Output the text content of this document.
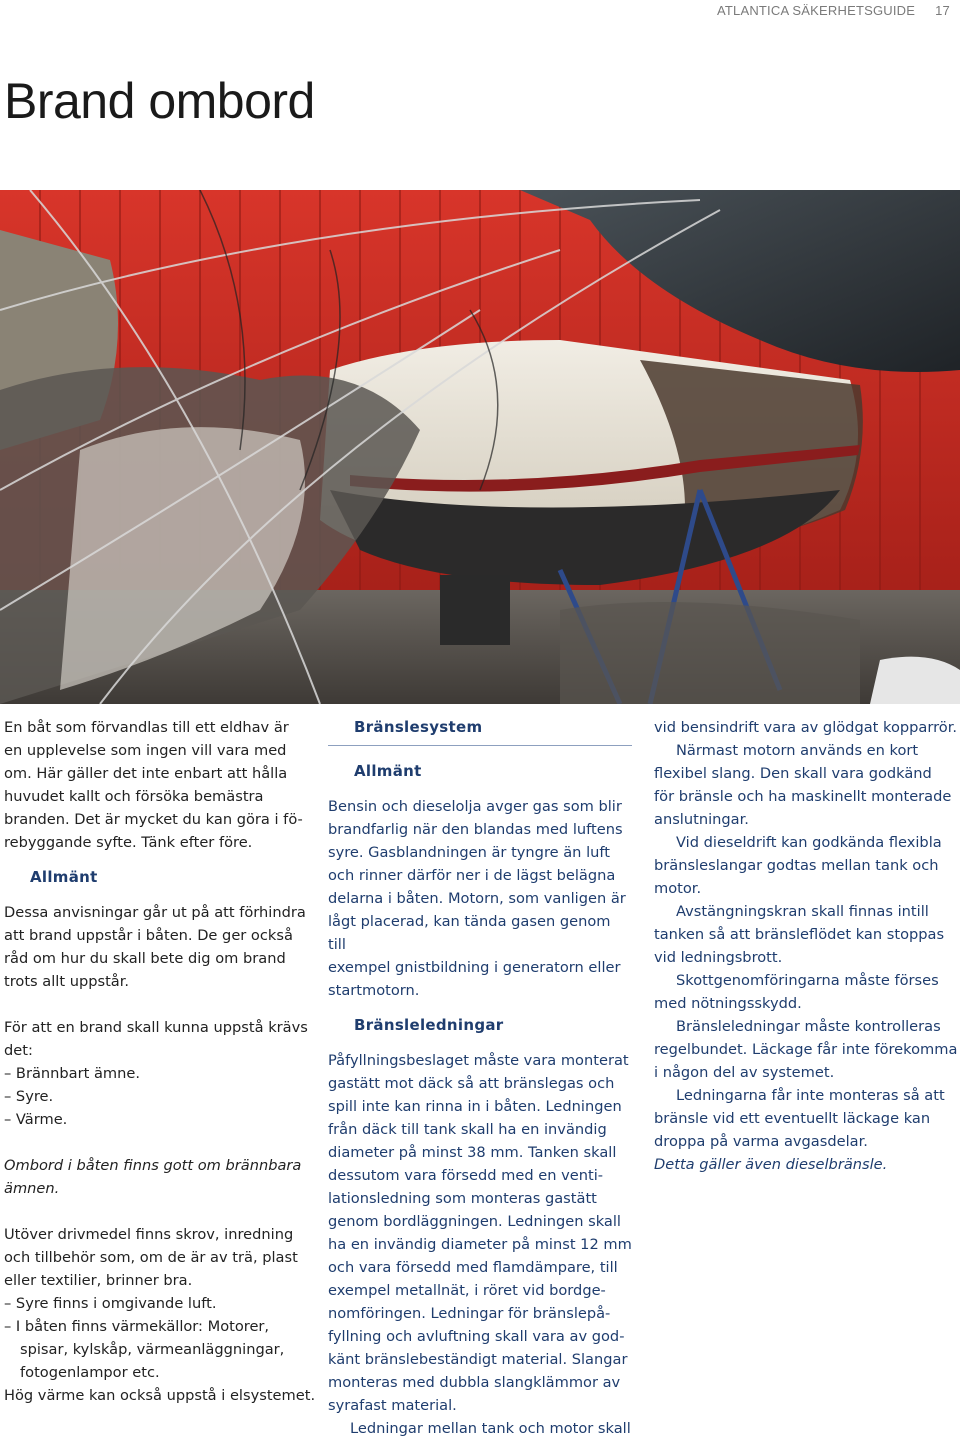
ATLANTICA SÄKERHETSGUIDE 17
Brand ombord

En båt som förvandlas till ett eldhav är

en upplevelse som ingen vill vara med

om. Här gäller det inte enbart att hålla

huvudet kallt och försöka bemästra

branden. Det är mycket du kan göra i fö-

rebyggande syfte. Tänk efter före.

Allmänt

Dessa anvisningar går ut på att förhindra

att brand uppstår i båten. De ger också

råd om hur du skall bete dig om brand

trots allt uppstår.

För att en brand skall kunna uppstå krävs

det:

– Brännbart ämne.

– Syre.

– Värme.

Ombord i båten finns gott om brännbara

ämnen.

Utöver drivmedel finns skrov, inredning

och tillbehör som, om de är av trä, plast

eller textilier, brinner bra.

– Syre finns i omgivande luft.

– I båten finns värmekällor: Motorer,

spisar, kylskåp, värmeanläggningar,

fotogenlampor etc.

Hög värme kan också uppstå i elsystemet.

Bränslesystem

Allmänt

Bensin och dieselolja avger gas som blir

brandfarlig när den blandas med luftens

syre. Gasblandningen är tyngre än luft

och rinner därför ner i de lägst belägna

delarna i båten. Motorn, som vanligen är

lågt placerad, kan tända gasen genom till

exempel gnistbildning i generatorn eller

startmotorn.

Bränsleledningar

Påfyllningsbeslaget måste vara monterat

gastätt mot däck så att bränslegas och

spill inte kan rinna in i båten. Ledningen

från däck till tank skall ha en invändig

diameter på minst 38 mm. Tanken skall

dessutom vara försedd med en venti-

lationsledning som monteras gastätt

genom bordläggningen. Ledningen skall

ha en invändig diameter på minst 12 mm

och vara försedd med flamdämpare, till

exempel metallnät, i röret vid bordge-

nomföringen. Ledningar för bränslepå-

fyllning och avluftning skall vara av god-

känt bränslebeständigt material. Slangar

monteras med dubbla slangklämmor av

syrafast material.

Ledningar mellan tank och motor skall

vid bensindrift vara av glödgat kopparrör.

Närmast motorn används en kort

flexibel slang. Den skall vara godkänd

för bränsle och ha maskinellt monterade

anslutningar.

Vid dieseldrift kan godkända flexibla

bränsleslangar godtas mellan tank och

motor.

Avstängningskran skall finnas intill

tanken så att bränsleflödet kan stoppas

vid ledningsbrott.

Skottgenomföringarna måste förses

med nötningsskydd.

Bränsleledningar måste kontrolleras

regelbundet. Läckage får inte förekomma

i någon del av systemet.

Ledningarna får inte monteras så att

bränsle vid ett eventuellt läckage kan

droppa på varma avgasdelar.

Detta gäller även dieselbränsle.
